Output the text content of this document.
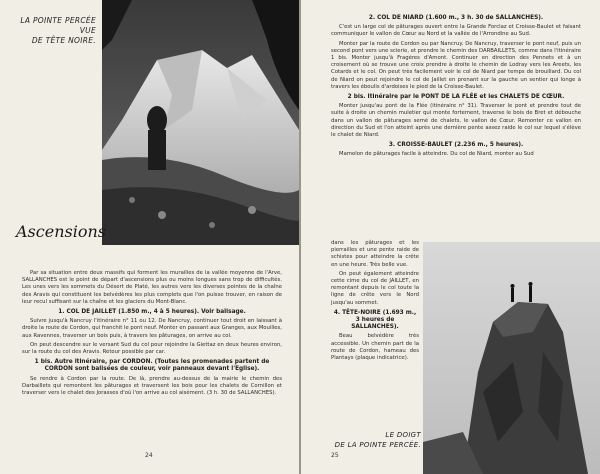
LA POINTE PERCÉE
VUE
DE TÊTE NOIRE.
Ascensions

Par sa situation entre deux massifs qui forment les murailles de la vallée moyenne de l'Arve, SALLANCHES est le point de départ d'ascensions plus ou moins longues sans trop de difficultés. Les unes vers les sommets du Désert de Platé, les autres vers les diverses pointes de la chaîne des Aravis qui constituent les belvédères les plus complets que l'on puisse trouver, en raison de leur recul suffisant sur la chaîne et les glaciers du Mont-Blanc.

1. COL DE JAILLET (1.850 m., 4 à 5 heures). Voir balisage.

Suivre jusqu'à Nancruy l'itinéraire n° 11 ou 12. De Nancruy, continuer tout droit en laissant à droite la route de Cordon, qui franchit le pont neuf. Monter en passant aux Granges, aux Mouilles, aux Ravennes, traverser un bois puis, à travers les pâturages, on arrive au col.

On peut descendre sur le versant Sud du col pour rejoindre la Giettaz en deux heures environ, sur la route du col des Aravis. Retour possible par car.

1 bis. Autre itinéraire, par CORDON. (Toutes les promenades partent de CORDON sont balisées de couleur, voir panneaux devant l'Eglise).

Se rendre à Cordon par la route. De là, prendre au-dessus de la mairie le chemin des Darbaillets qui remontent les pâturages et traversent les bois pour les chalets de Cornillon et traverser vers le chalet des Jorasses d'où l'on arrive au col aisément. (3 h. 30 de SALLANCHES).

24

2. COL DE NIARD (1.600 m., 3 h. 30 de SALLANCHES).

C'est un large col de pâturages ouvert entre la Grande Forclaz et Croisse-Baulet et faisant communiquer le vallon de Cœur au Nord et la vallée de l'Arrondine au Sud.

Monter par la route de Cordon ou par Nancruy. De Nancruy, traverser le pont neuf, puis un second pont vers une scierie, et prendre le chemin des DARBAILLETS, comme dans l'itinéraire 1 bis. Monter jusqu'à Fragères d'Amont. Continuer en direction des Pennets et à un croisement où se trouve une croix prendre à droite le chemin de Lodray vers les Areets, les Cotards et le col. On peut très facilement voir le col de Niard par temps de brouillard. Du col de Niard on peut rejoindre le col de Jaillet en prenant sur la gauche un sentier qui longe à travers les éboulis d'ardoises le pied de la Croisse-Baulet.

2 bis. Itinéraire par le PONT DE LA FLÉE et les CHALETS DE CŒUR.

Monter jusqu'au pont de la Flée (itinéraire n° 31). Traverser le pont et prendre tout de suite à droite un chemin muletier qui monte fortement, traverse le bois de Bret et débouche dans un vallon de pâturages semé de chalets, le vallon de Cœur. Remonter ce vallon en direction du Sud et l'on atteint après une dernière pente assez raide le col sur lequel s'élève le chalet de Niard.

3. CROISSE-BAULET (2.236 m., 5 heures).

Mamelon de pâturages facile à atteindre. Du col de Niard, monter au Sud

dans les pâturages et les pierrailles et une pente raide de schistes pour atteindre la crête en une heure. Très belle vue.

On peut également atteindre cette cime du col de JAILLET, en remontant depuis le col toute la ligne de crête vers le Nord jusqu'au sommet.

4. TÊTE-NOIRE (1.693 m., 3 heures de SALLANCHES).

Beau belvédère très accessible. Un chemin part de la route de Cordon, hameau des Plantays (plaque indicatrice).

LE DOIGT
DE LA POINTE PERCÉE.
25
